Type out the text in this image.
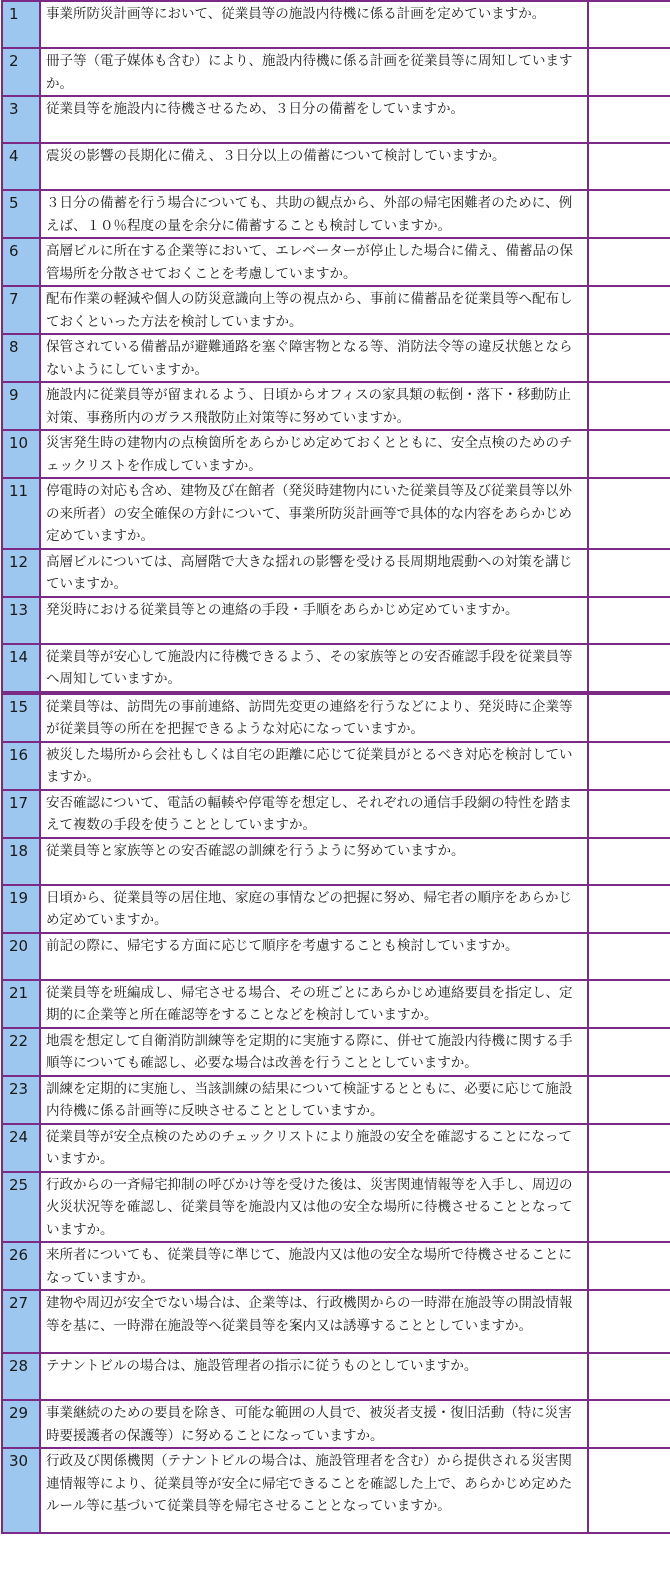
1	事業所防災計画等において、従業員等の施設内待機に係る計画を定めていますか。	
2	冊子等（電子媒体も含む）により、施設内待機に係る計画を従業員等に周知していますか。	
3	従業員等を施設内に待機させるため、３日分の備蓄をしていますか。	
4	震災の影響の長期化に備え、３日分以上の備蓄について検討していますか。	
5	３日分の備蓄を行う場合についても、共助の観点から、外部の帰宅困難者のために、例えば、１０％程度の量を余分に備蓄することも検討していますか。	
6	高層ビルに所在する企業等において、エレベーターが停止した場合に備え、備蓄品の保管場所を分散させておくことを考慮していますか。	
7	配布作業の軽減や個人の防災意識向上等の視点から、事前に備蓄品を従業員等へ配布しておくといった方法を検討していますか。	
8	保管されている備蓄品が避難通路を塞ぐ障害物となる等、消防法令等の違反状態とならないようにしていますか。	
9	施設内に従業員等が留まれるよう、日頃からオフィスの家具類の転倒・落下・移動防止対策、事務所内のガラス飛散防止対策等に努めていますか。	
10	災害発生時の建物内の点検箇所をあらかじめ定めておくとともに、安全点検のためのチェックリストを作成していますか。	
11	停電時の対応も含め、建物及び在館者（発災時建物内にいた従業員等及び従業員等以外の来所者）の安全確保の方針について、事業所防災計画等で具体的な内容をあらかじめ定めていますか。	
12	高層ビルについては、高層階で大きな揺れの影響を受ける長周期地震動への対策を講じていますか。	
13	発災時における従業員等との連絡の手段・手順をあらかじめ定めていますか。	
14	従業員等が安心して施設内に待機できるよう、その家族等との安否確認手段を従業員等へ周知していますか。	
15	従業員等は、訪問先の事前連絡、訪問先変更の連絡を行うなどにより、発災時に企業等が従業員等の所在を把握できるような対応になっていますか。	
16	被災した場所から会社もしくは自宅の距離に応じて従業員がとるべき対応を検討していますか。	
17	安否確認について、電話の輻輳や停電等を想定し、それぞれの通信手段網の特性を踏まえて複数の手段を使うこととしていますか。	
18	従業員等と家族等との安否確認の訓練を行うように努めていますか。	
19	日頃から、従業員等の居住地、家庭の事情などの把握に努め、帰宅者の順序をあらかじめ定めていますか。	
20	前記の際に、帰宅する方面に応じて順序を考慮することも検討していますか。	
21	従業員等を班編成し、帰宅させる場合、その班ごとにあらかじめ連絡要員を指定し、定期的に企業等と所在確認等をすることなどを検討していますか。	
22	地震を想定して自衛消防訓練等を定期的に実施する際に、併せて施設内待機に関する手順等についても確認し、必要な場合は改善を行うこととしていますか。	
23	訓練を定期的に実施し、当該訓練の結果について検証するとともに、必要に応じて施設内待機に係る計画等に反映させることとしていますか。	
24	従業員等が安全点検のためのチェックリストにより施設の安全を確認することになっていますか。	
25	行政からの一斉帰宅抑制の呼びかけ等を受けた後は、災害関連情報等を入手し、周辺の火災状況等を確認し、従業員等を施設内又は他の安全な場所に待機させることとなっていますか。	
26	来所者についても、従業員等に準じて、施設内又は他の安全な場所で待機させることになっていますか。	
27	建物や周辺が安全でない場合は、企業等は、行政機関からの一時滞在施設等の開設情報等を基に、一時滞在施設等へ従業員等を案内又は誘導することとしていますか。	
28	テナントビルの場合は、施設管理者の指示に従うものとしていますか。	
29	事業継続のための要員を除き、可能な範囲の人員で、被災者支援・復旧活動（特に災害時要援護者の保護等）に努めることになっていますか。	
30	行政及び関係機関（テナントビルの場合は、施設管理者を含む）から提供される災害関連情報等により、従業員等が安全に帰宅できることを確認した上で、あらかじめ定めたルール等に基づいて従業員等を帰宅させることとなっていますか。	
